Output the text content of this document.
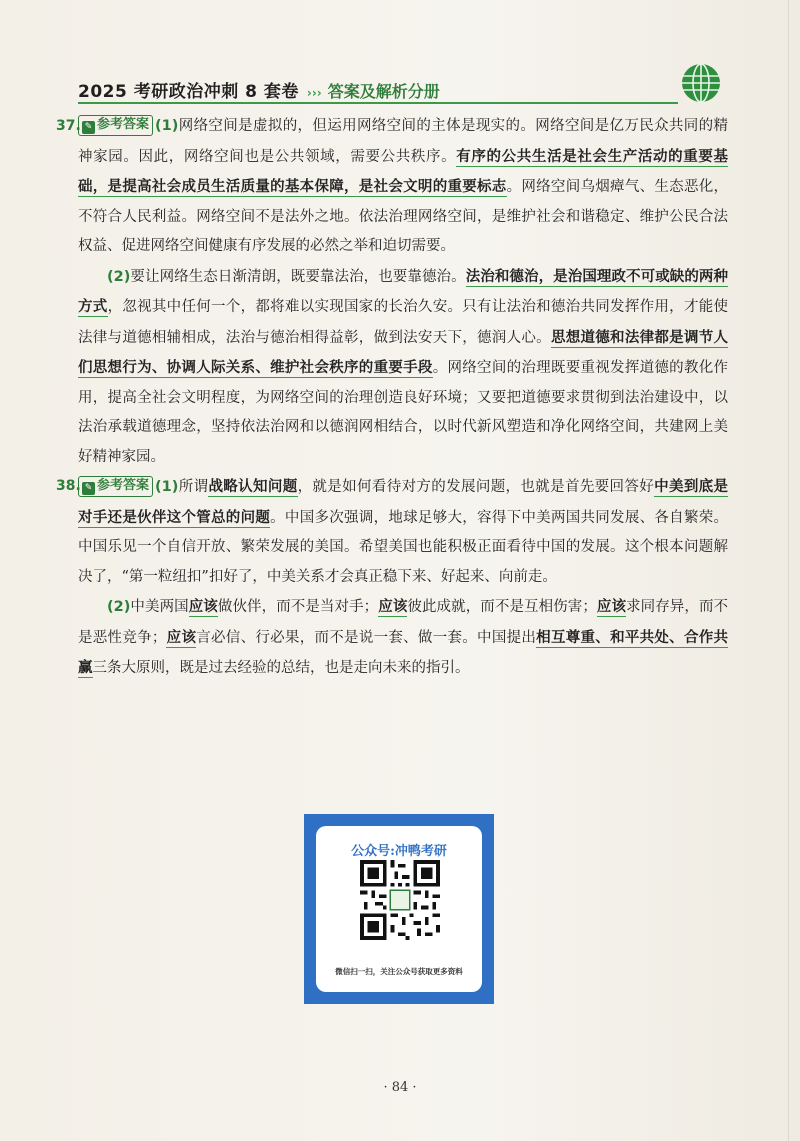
2025 考研政治冲刺 8 套卷 ››› 答案及解析分册
37. ✎ 参考答案 (1)网络空间是虚拟的，但运用网络空间的主体是现实的。网络空间是亿万民众共同的精神家园。因此，网络空间也是公共领域，需要公共秩序。有序的公共生活是社会生产活动的重要基础，是提高社会成员生活质量的基本保障，是社会文明的重要标志。网络空间乌烟瘴气、生态恶化，不符合人民利益。网络空间不是法外之地。依法治理网络空间，是维护社会和谐稳定、维护公民合法权益、促进网络空间健康有序发展的必然之举和迫切需要。

(2)要让网络生态日渐清朗，既要靠法治，也要靠德治。法治和德治，是治国理政不可或缺的两种方式，忽视其中任何一个，都将难以实现国家的长治久安。只有让法治和德治共同发挥作用，才能使法律与道德相辅相成，法治与德治相得益彰，做到法安天下，德润人心。思想道德和法律都是调节人们思想行为、协调人际关系、维护社会秩序的重要手段。网络空间的治理既要重视发挥道德的教化作用，提高全社会文明程度，为网络空间的治理创造良好环境；又要把道德要求贯彻到法治建设中，以法治承载道德理念，坚持依法治网和以德润网相结合，以时代新风塑造和净化网络空间，共建网上美好精神家园。

38. ✎ 参考答案 (1)所谓战略认知问题，就是如何看待对方的发展问题，也就是首先要回答好中美到底是对手还是伙伴这个管总的问题。中国多次强调，地球足够大，容得下中美两国共同发展、各自繁荣。中国乐见一个自信开放、繁荣发展的美国。希望美国也能积极正面看待中国的发展。这个根本问题解决了，“第一粒纽扣”扣好了，中美关系才会真正稳下来、好起来、向前走。

(2)中美两国应该做伙伴，而不是当对手；应该彼此成就，而不是互相伤害；应该求同存异，而不是恶性竞争；应该言必信、行必果，而不是说一套、做一套。中国提出相互尊重、和平共处、合作共赢三条大原则，既是过去经验的总结，也是走向未来的指引。

公众号:冲鸭考研
微信扫一扫，关注公众号获取更多资料
· 84 ·
